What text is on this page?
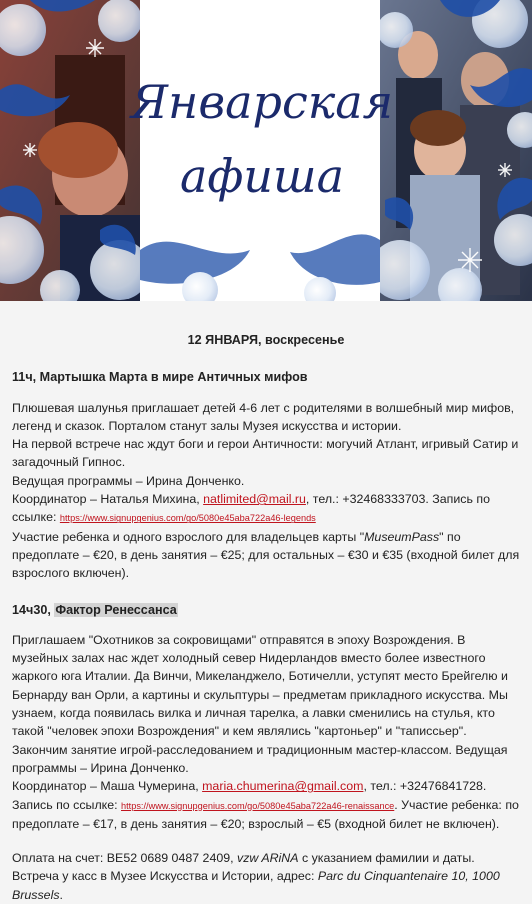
Январская
афиша
12 ЯНВАРЯ, воскресенье
11ч, Мартышка Марта в мире Античных мифов

Плюшевая шалунья приглашает детей 4-6 лет с родителями в волшебный мир мифов, легенд и сказок. Порталом станут залы Музея искусства и истории.

На первой встрече нас ждут боги и герои Античности: могучий Атлант, игривый Сатир и загадочный Гипнос.

Ведущая программы – Ирина Донченко.

Координатор – Наталья Михина, natlimited@mail.ru, тел.: +32468333703. Запись по ссылке: https://www.signupgenius.com/go/5080e45aba722a46-legends

Участие ребенка и одного взрослого для владельцев карты "MuseumPass" по предоплате – €20, в день занятия – €25; для остальных – €30 и €35 (входной билет для взрослого включен).

14ч30, Фактор Ренессанса

Приглашаем "Охотников за сокровищами" отправятся в эпоху Возрождения. В музейных залах нас ждет холодный север Нидерландов вместо более известного жаркого юга Италии. Да Винчи, Микеланджело, Ботичелли, уступят место Брейгелю и Бернарду ван Орли, а картины и скульптуры – предметам прикладного искусства. Мы узнаем, когда появилась вилка и личная тарелка, а лавки сменились на стулья, кто такой "человек эпохи Возрождения" и кем являлись "картоньер" и "таписсьер". Закончим занятие игрой-расследованием и традиционным мастер-классом. Ведущая программы – Ирина Донченко.

Координатор – Маша Чумерина, maria.chumerina@gmail.com, тел.: +32476841728. Запись по ссылке: https://www.signupgenius.com/go/5080e45aba722a46-renaissance. Участие ребенка: по предоплате – €17, в день занятия – €20; взрослый – €5 (входной билет не включен).

Оплата на счет: BE52 0689 0487 2409, vzw ARiNA с указанием фамилии и даты. Встреча у касс в Музее Искусства и Истории, адрес: Parc du Cinquantenaire 10, 1000 Brussels.
